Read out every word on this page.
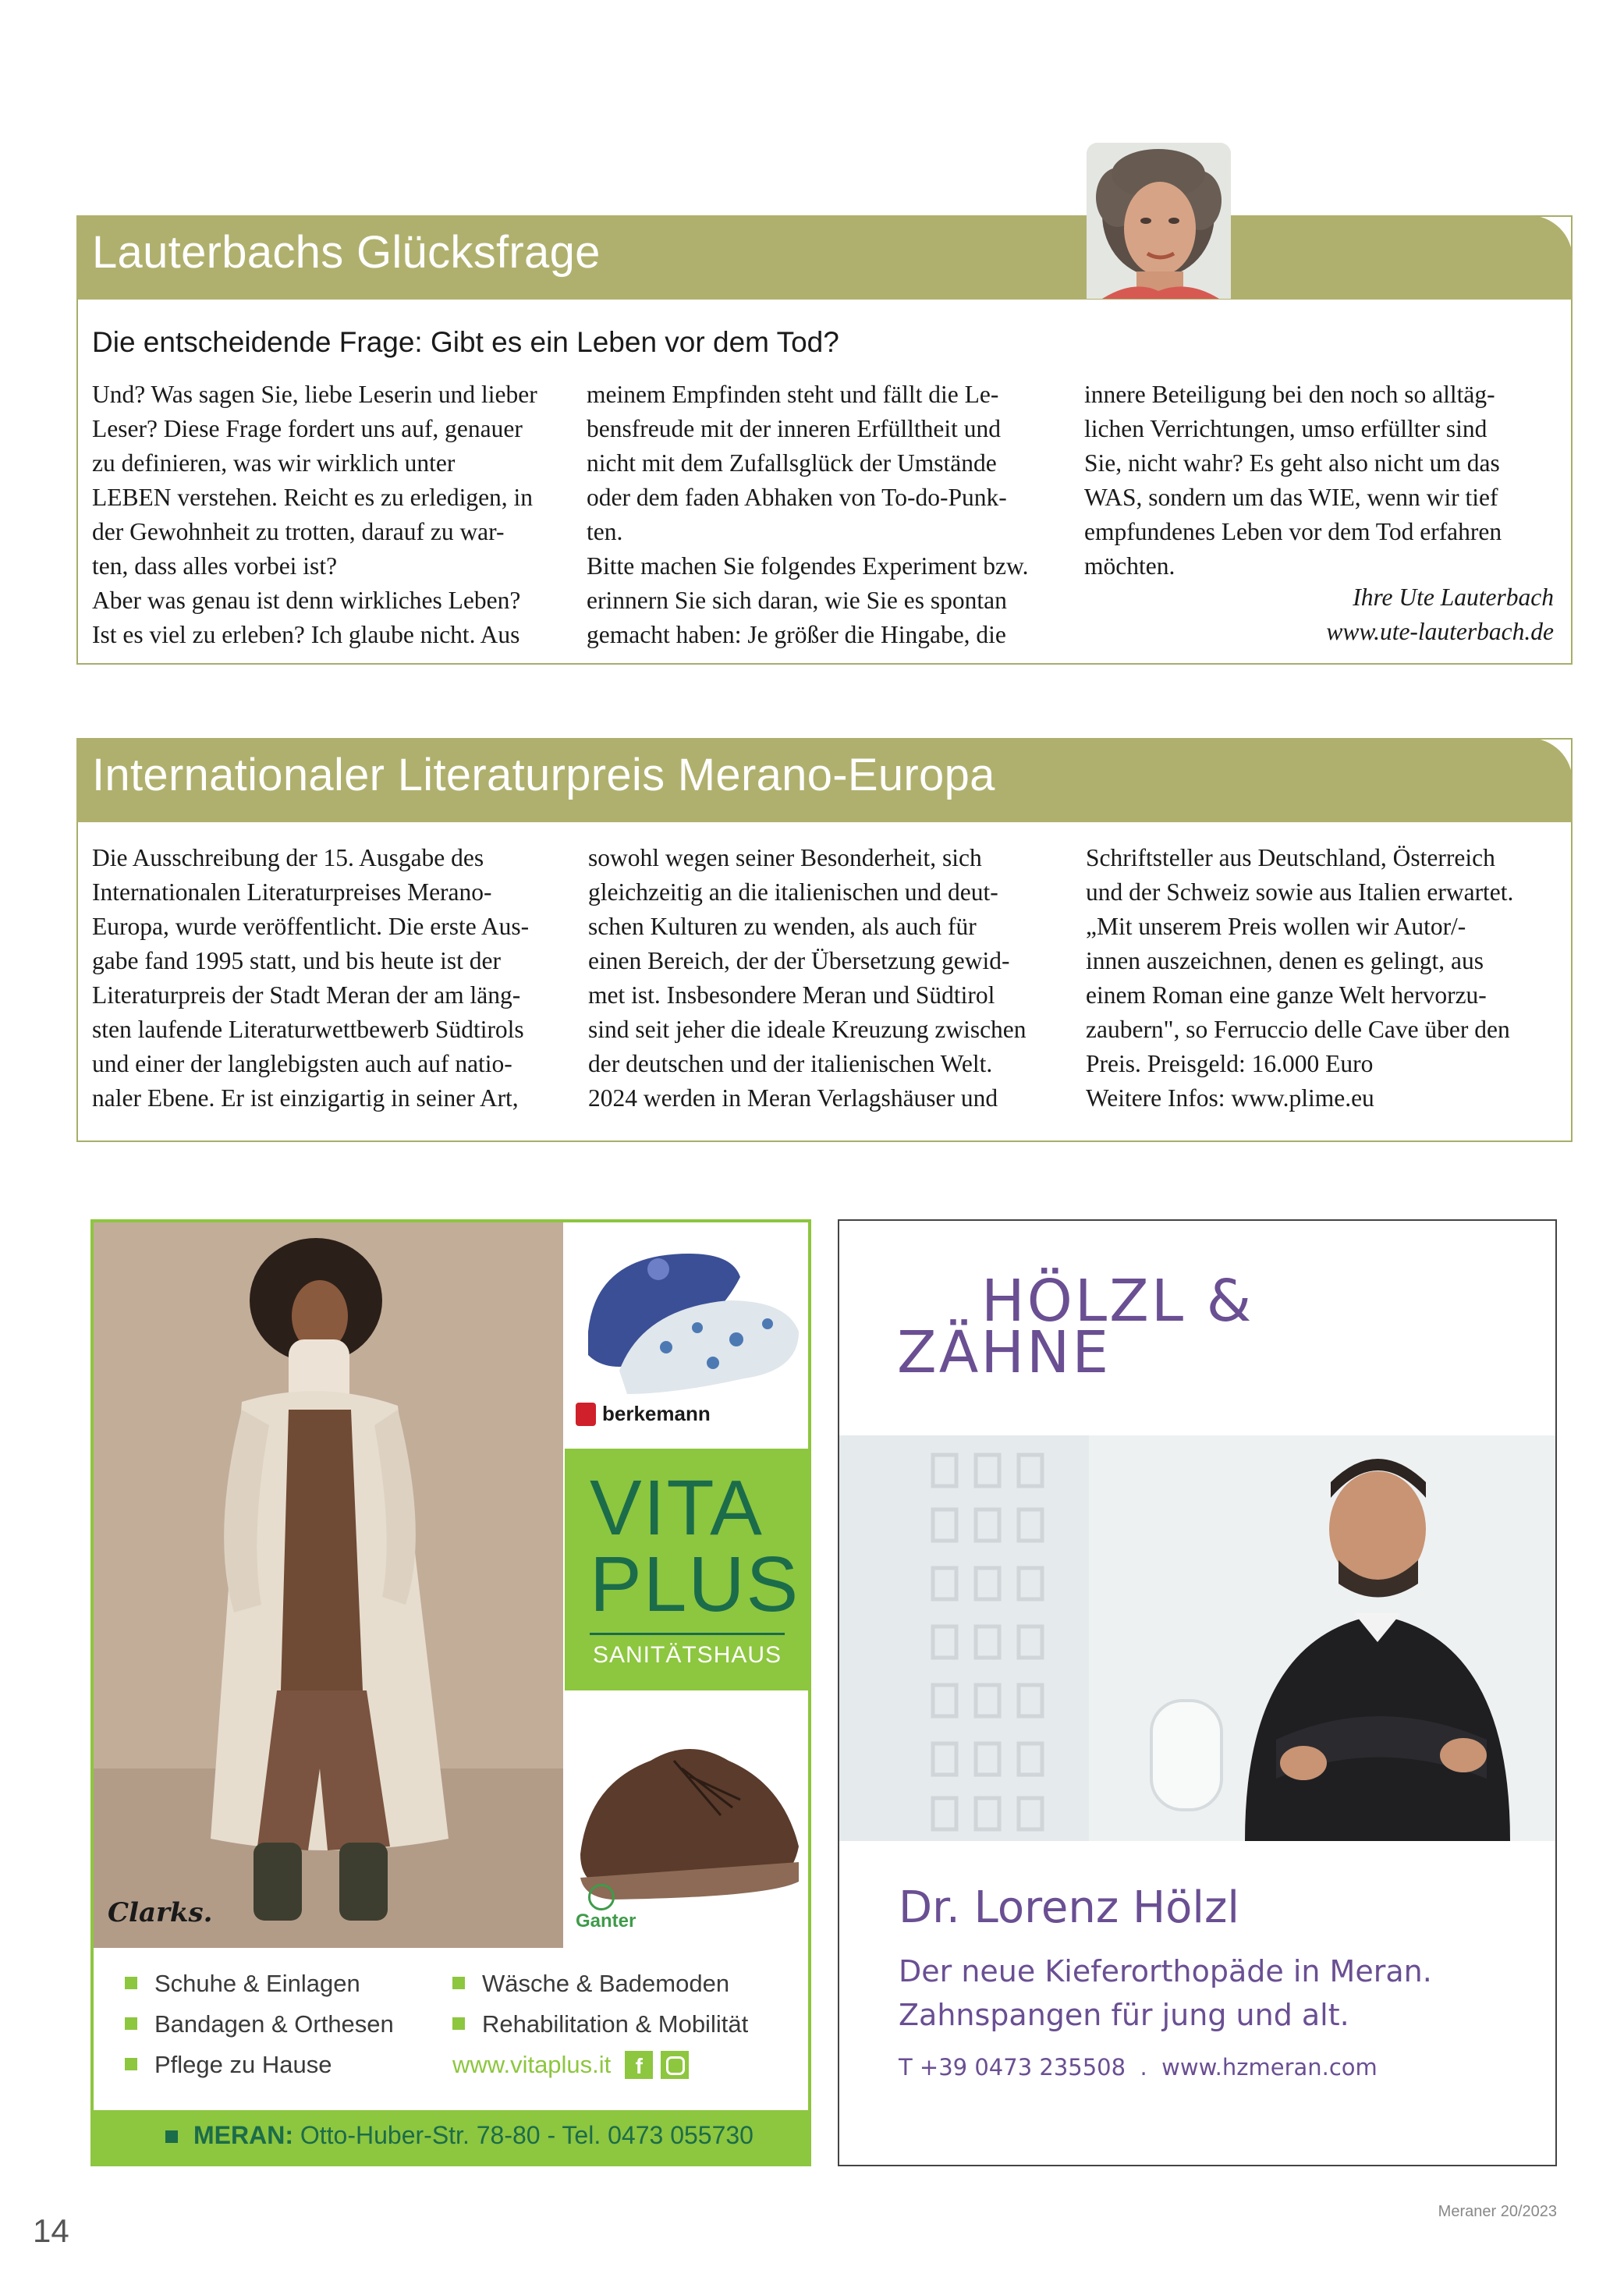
Lauterbachs Glücksfrage
Die entscheidende Frage: Gibt es ein Leben vor dem Tod?

Und? Was sagen Sie, liebe Leserin und lieber

Leser? Diese Frage fordert uns auf, genauer

zu definieren, was wir wirklich unter

LEBEN verstehen. Reicht es zu erledigen, in

der Gewohnheit zu trotten, darauf zu war-

ten, dass alles vorbei ist?

Aber was genau ist denn wirkliches Leben?

Ist es viel zu erleben? Ich glaube nicht. Aus

meinem Empfinden steht und fällt die Le-

bensfreude mit der inneren Erfülltheit und

nicht mit dem Zufallsglück der Umstände

oder dem faden Abhaken von To-do-Punk-

ten.

Bitte machen Sie folgendes Experiment bzw.

erinnern Sie sich daran, wie Sie es spontan

gemacht haben: Je größer die Hingabe, die

innere Beteiligung bei den noch so alltäg-

lichen Verrichtungen, umso erfüllter sind

Sie, nicht wahr? Es geht also nicht um das

WAS, sondern um das WIE, wenn wir tief

empfundenes Leben vor dem Tod erfahren

möchten.

Ihre Ute Lauterbach
www.ute-lauterbach.de
Internationaler Literaturpreis Merano-Europa

Die Ausschreibung der 15. Ausgabe des

Internationalen Literaturpreises Merano-

Europa, wurde veröffentlicht. Die erste Aus-

gabe fand 1995 statt, und bis heute ist der

Literaturpreis der Stadt Meran der am läng-

sten laufende Literaturwettbewerb Südtirols

und einer der langlebigsten auch auf natio-

naler Ebene. Er ist einzigartig in seiner Art,

sowohl wegen seiner Besonderheit, sich

gleichzeitig an die italienischen und deut-

schen Kulturen zu wenden, als auch für

einen Bereich, der der Übersetzung gewid-

met ist. Insbesondere Meran und Südtirol

sind seit jeher die ideale Kreuzung zwischen

der deutschen und der italienischen Welt.

2024 werden in Meran Verlagshäuser und

Schriftsteller aus Deutschland, Österreich

und der Schweiz sowie aus Italien erwartet.

„Mit unserem Preis wollen wir Autor/-

innen auszeichnen, denen es gelingt, aus

einem Roman eine ganze Welt hervorzu-

zaubern", so Ferruccio delle Cave über den

Preis. Preisgeld: 16.000 Euro

Weitere Infos: www.plime.eu

Clarks.
berkemann
VITA
PLUS
SANITÄTSHAUS
Ganter
Schuhe & Einlagen
Bandagen & Orthesen
Pflege zu Hause
Wäsche & Bademoden
Rehabilitation & Mobilität
www.vitaplus.it	f
MERAN: Otto-Huber-Str. 78-80 - Tel. 0473 055730
HÖLZL &
ZÄHNE
Dr. Lorenz Hölzl
Der neue Kieferorthopäde in Meran.
Zahnspangen für jung und alt.
T +39 0473 235508  .  www.hzmeran.com
14
Meraner 20/2023
